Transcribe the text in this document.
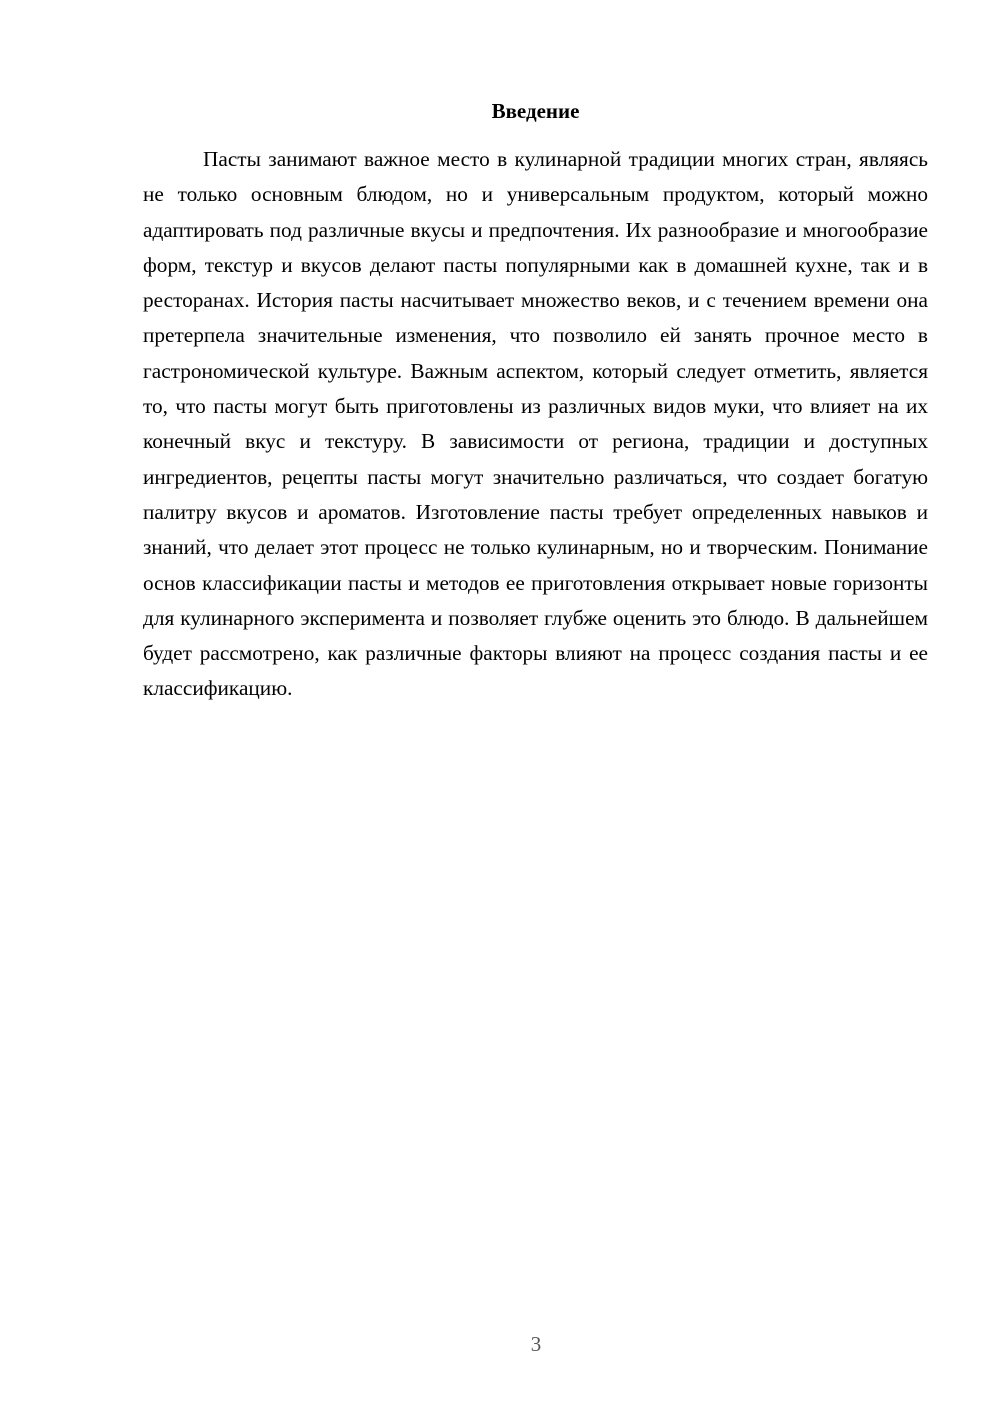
Введение

Пасты занимают важное место в кулинарной традиции многих стран, являясь не только основным блюдом, но и универсальным продуктом, который можно адаптировать под различные вкусы и предпочтения. Их разнообразие и многообразие форм, текстур и вкусов делают пасты популярными как в домашней кухне, так и в ресторанах. История пасты насчитывает множество веков, и с течением времени она претерпела значительные изменения, что позволило ей занять прочное место в гастрономической культуре. Важным аспектом, который следует отметить, является то, что пасты могут быть приготовлены из различных видов муки, что влияет на их конечный вкус и текстуру. В зависимости от региона, традиции и доступных ингредиентов, рецепты пасты могут значительно различаться, что создает богатую палитру вкусов и ароматов. Изготовление пасты требует определенных навыков и знаний, что делает этот процесс не только кулинарным, но и творческим. Понимание основ классификации пасты и методов ее приготовления открывает новые горизонты для кулинарного эксперимента и позволяет глубже оценить это блюдо. В дальнейшем будет рассмотрено, как различные факторы влияют на процесс создания пасты и ее классификацию.

3
